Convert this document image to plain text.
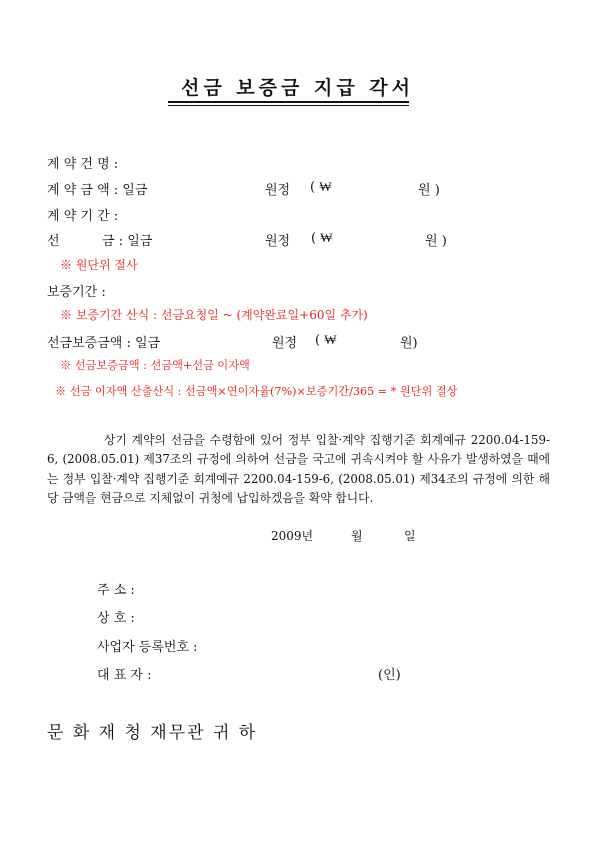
선금 보증금 지급 각서
계 약 건 명 :
계 약 금 액 : 일금	원정 ( ₩	원 )
계 약 기 간 :
선	금 : 일금	원정 ( ₩	원 )
※ 원단위 절사
보증기간 :
※ 보증기간 산식 : 선금요청일 ~ (계약완료일+60일 추가)
선금보증금액 : 일금	원정 ( ₩	원)
※ 선금보증금액 : 선금액+선금 이자액
※ 선금 이자액 산출산식 : 선금액×연이자율(7%)×보증기간/365 = * 원단위 절상
상기 계약의 선금을 수령함에 있어 정부 입찰·계약 집행기준 회계예규 2200.04-159-6, (2008.05.01) 제37조의 규정에 의하여 선금을 국고에 귀속시켜야 할 사유가 발생하였을 때에는 정부 입찰·계약 집행기준 회계예규 2200.04-159-6, (2008.05.01) 제34조의 규정에 의한 해당 금액을 현금으로 지체없이 귀청에 납입하겠음을 확약 합니다.
2009년	월	일
주 소 :
상 호 :
사업자 등록번호 :
대 표 자 :	(인)
문 화 재 청 재무관 귀 하
